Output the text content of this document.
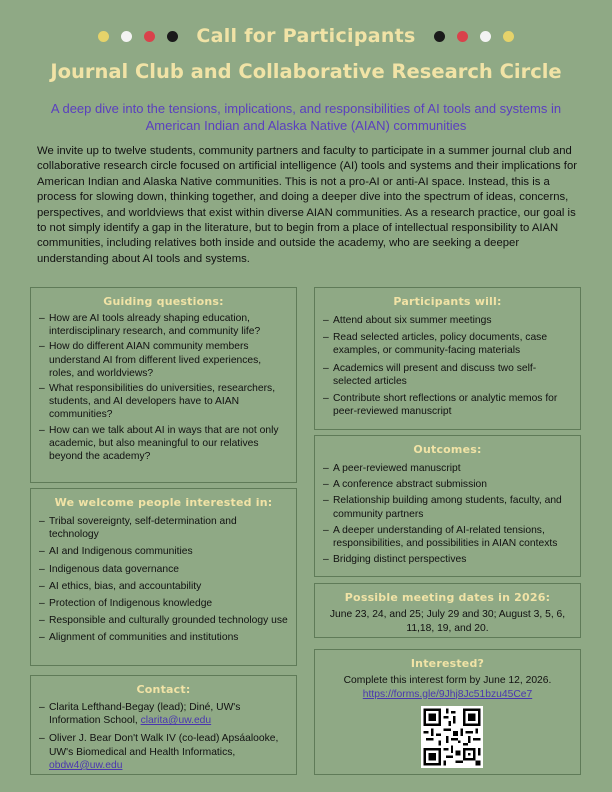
Call for Participants
Journal Club and Collaborative Research Circle
A deep dive into the tensions, implications, and responsibilities of AI tools and systems in American Indian and Alaska Native (AIAN) communities
We invite up to twelve students, community partners and faculty to participate in a summer journal club and collaborative research circle focused on artificial intelligence (AI) tools and systems and their implications for American Indian and Alaska Native communities. This is not a pro-AI or anti-AI space. Instead, this is a process for slowing down, thinking together, and doing a deeper dive into the spectrum of ideas, concerns, perspectives, and worldviews that exist within diverse AIAN communities. As a research practice, our goal is to not simply identify a gap in the literature, but to begin from a place of intellectual responsibility to AIAN communities, including relatives both inside and outside the academy, who are seeking a deeper understanding about AI tools and systems.
Guiding questions:
– How are AI tools already shaping education, interdisciplinary research, and community life?
– How do different AIAN community members understand AI from different lived experiences, roles, and worldviews?
– What responsibilities do universities, researchers, students, and AI developers have to AIAN communities?
– How can we talk about AI in ways that are not only academic, but also meaningful to our relatives beyond the academy?
We welcome people interested in:
– Tribal sovereignty, self-determination and technology
– AI and Indigenous communities
– Indigenous data governance
– AI ethics, bias, and accountability
– Protection of Indigenous knowledge
– Responsible and culturally grounded technology use
– Alignment of communities and institutions
Contact:
– Clarita Lefthand-Begay (lead); Diné, UW's Information School, clarita@uw.edu
– Oliver J. Bear Don't Walk IV (co-lead) Apsáalooke, UW's Biomedical and Health Informatics, obdw4@uw.edu
Participants will:
– Attend about six summer meetings
– Read selected articles, policy documents, case examples, or community-facing materials
– Academics will present and discuss two self-selected articles
– Contribute short reflections or analytic memos for peer-reviewed manuscript
Outcomes:
– A peer-reviewed manuscript
– A conference abstract submission
– Relationship building among students, faculty, and community partners
– A deeper understanding of AI-related tensions, responsibilities, and possibilities in AIAN contexts
– Bridging distinct perspectives
Possible meeting dates in 2026:
June 23, 24, and 25; July 29 and 30; August 3, 5, 6, 11,18, 19, and 20.
Interested?
Complete this interest form by June 12, 2026.
https://forms.gle/9Jhj8Jc51bzu45Ce7
